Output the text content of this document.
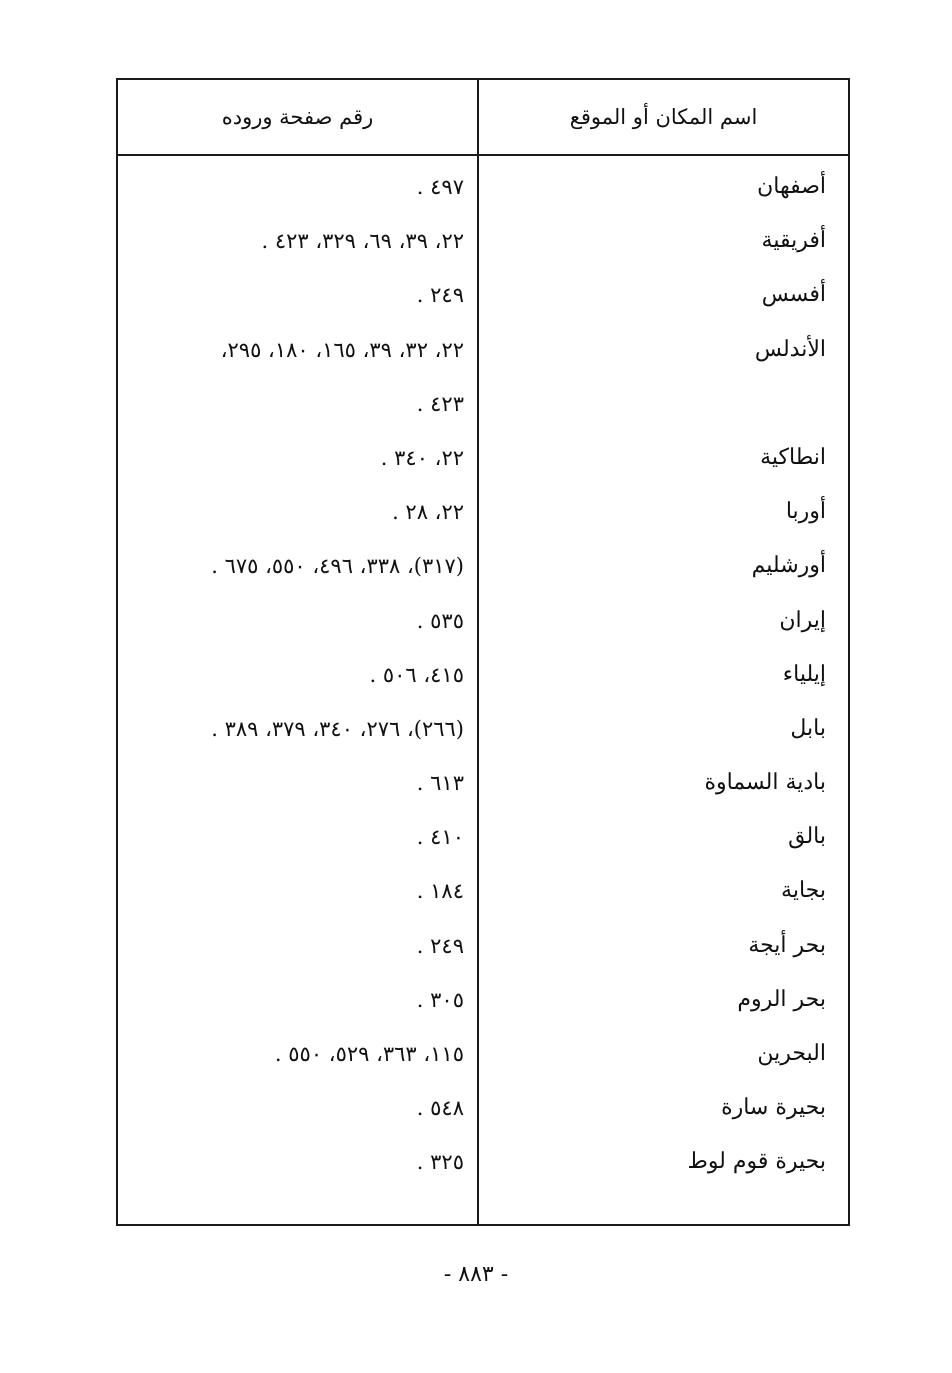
اسم المكان أو الموقع
رقم صفحة وروده
أصفهان
٤٩٧ .
أفريقية
٢٢، ٣٩، ٦٩، ٣٢٩، ٤٢٣ .
أفسس
٢٤٩ .
الأندلس
٢٢، ٣٢، ٣٩، ١٦٥، ١٨٠، ٢٩٥،
٤٢٣ .
انطاكية
٢٢، ٣٤٠ .
أوربا
٢٢، ٢٨ .
أورشليم
(٣١٧)، ٣٣٨، ٤٩٦، ٥٥٠، ٦٧٥ .
إيران
٥٣٥ .
إيلياء
٤١٥، ٥٠٦ .
بابل
(٢٦٦)، ٢٧٦، ٣٤٠، ٣٧٩، ٣٨٩ .
بادية السماوة
٦١٣ .
بالق
٤١٠ .
بجاية
١٨٤ .
بحر أيجة
٢٤٩ .
بحر الروم
٣٠٥ .
البحرين
١١٥، ٣٦٣، ٥٢٩، ٥٥٠ .
بحيرة سارة
٥٤٨ .
بحيرة قوم لوط
٣٢٥ .
- ٨٨٣ -
